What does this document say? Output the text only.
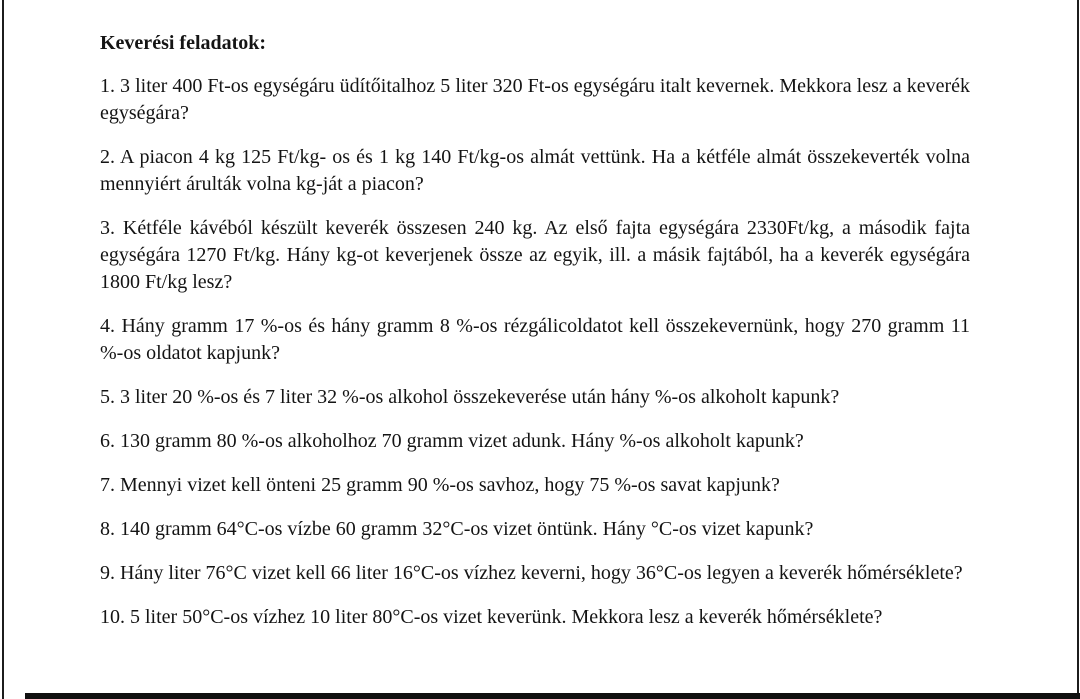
Keverési feladatok:

1. 3 liter 400 Ft-os egységáru üdítőitalhoz 5 liter 320 Ft-os egységáru italt kevernek. Mekkora lesz a keverék egységára?

2. A piacon 4 kg 125 Ft/kg- os és 1 kg 140 Ft/kg-os almát vettünk. Ha a kétféle almát összekeverték volna mennyiért árulták volna kg-ját a piacon?

3. Kétféle kávéból készült keverék összesen 240 kg. Az első fajta egységára 2330Ft/kg, a második fajta egységára 1270 Ft/kg. Hány kg-ot keverjenek össze az egyik, ill. a másik fajtából, ha a keverék egységára 1800 Ft/kg lesz?

4. Hány gramm 17 %-os és hány gramm 8 %-os rézgálicoldatot kell összekevernünk, hogy 270 gramm 11 %-os oldatot kapjunk?

5. 3 liter 20 %-os és 7 liter 32 %-os alkohol összekeverése után hány %-os alkoholt kapunk?

6. 130 gramm 80 %-os alkoholhoz 70 gramm vizet adunk. Hány %-os alkoholt kapunk?

7. Mennyi vizet kell önteni 25 gramm 90 %-os savhoz, hogy 75 %-os savat kapjunk?

8. 140 gramm 64°C-os vízbe 60 gramm 32°C-os vizet öntünk. Hány °C-os vizet kapunk?

9. Hány liter 76°C vizet kell 66 liter 16°C-os vízhez keverni, hogy 36°C-os legyen a keverék hőmérséklete?

10. 5 liter 50°C-os vízhez 10 liter 80°C-os vizet keverünk. Mekkora lesz a keverék hőmérséklete?
